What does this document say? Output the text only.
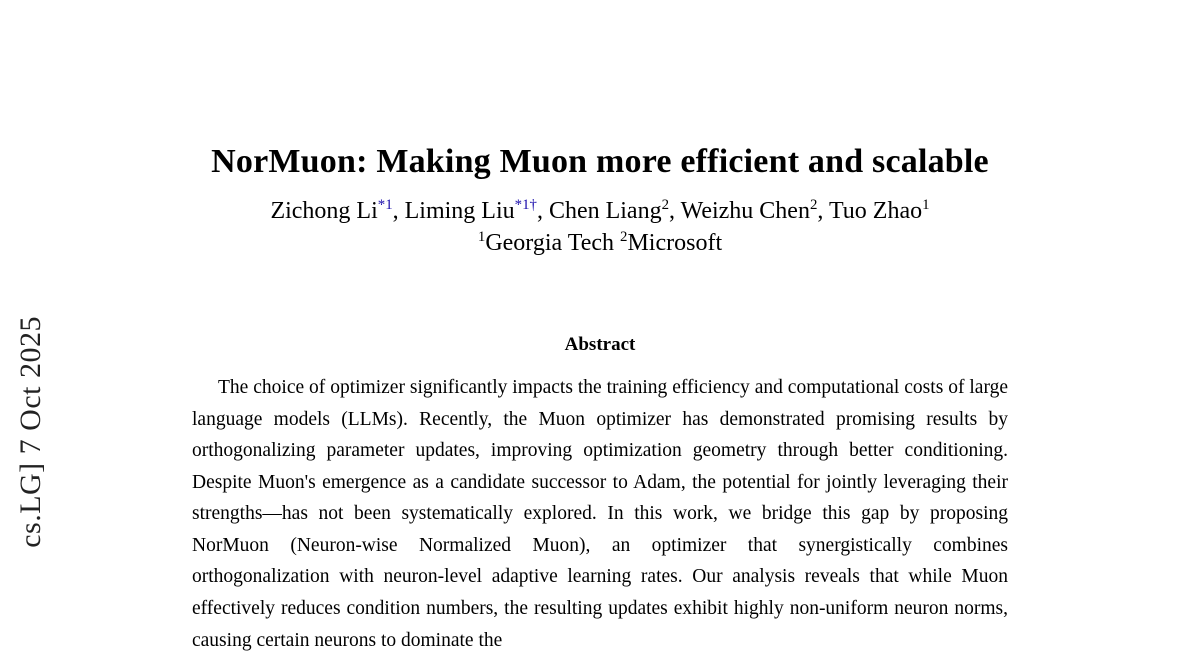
cs.LG] 7 Oct 2025
NorMuon: Making Muon more efficient and scalable
Zichong Li$^{*1}$, Liming Liu$^{*1\dagger}$, Chen Liang$^2$, Weizhu Chen$^2$, Tuo Zhao$^1$
$^1$Georgia Tech $^2$Microsoft
Abstract
The choice of optimizer significantly impacts the training efficiency and computational costs of large language models (LLMs). Recently, the Muon optimizer has demonstrated promising results by orthogonalizing parameter updates, improving optimization geometry through better conditioning. Despite Muon's emergence as a candidate successor to Adam, the potential for jointly leveraging their strengths—has not been systematically explored. In this work, we bridge this gap by proposing NorMuon (Neuron-wise Normalized Muon), an optimizer that synergistically combines orthogonalization with neuron-level adaptive learning rates. Our analysis reveals that while Muon effectively reduces condition numbers, the resulting updates exhibit highly non-uniform neuron norms, causing certain neurons to dominate the
